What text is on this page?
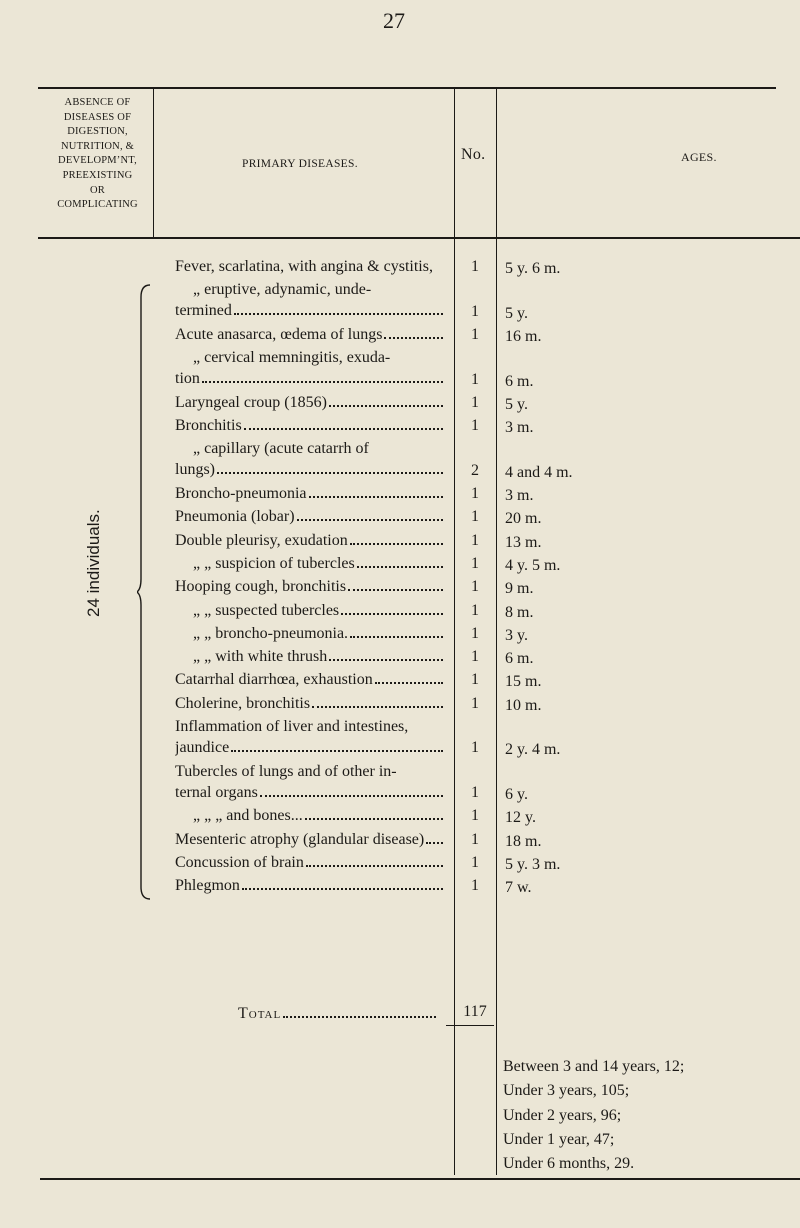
27
ABSENCE OF
DISEASES OF
DIGESTION,
NUTRITION, &
DEVELOPM’NT,
PREEXISTING
OR
COMPLICATING
PRIMARY DISEASES.
No.	AGES.
24 individuals.
Fever, scarlatina, with angina & cystitis,	1	5 y. 6 m.
„ eruptive, adynamic, unde-
termined	1	5 y.
Acute anasarca, œdema of lungs	1	16 m.
„ cervical memningitis, exuda-
tion	1	6 m.
Laryngeal croup (1856)	1	5 y.
Bronchitis	1	3 m.
„ capillary (acute catarrh of
lungs)	2	4 and 4 m.
Broncho-pneumonia	1	3 m.
Pneumonia (lobar)	1	20 m.
Double pleurisy, exudation	1	13 m.
„ „ suspicion of tubercles	1	4 y. 5 m.
Hooping cough, bronchitis	1	9 m.
„ „ suspected tubercles	1	8 m.
„ „ broncho-pneumonia.	1	3 y.
„ „ with white thrush	1	6 m.
Catarrhal diarrhœa, exhaustion	1	15 m.
Cholerine, bronchitis	1	10 m.
Inflammation of liver and intestines,
jaundice	1	2 y. 4 m.
Tubercles of lungs and of other in-
ternal organs	1	6 y.
„ „ „ and bones...	1	12 y.
Mesenteric atrophy (glandular disease)	1	18 m.
Concussion of brain	1	5 y. 3 m.
Phlegmon	1	7 w.
Total	117
Between 3 and 14 years, 12;
Under 3 years, 105;
Under 2 years, 96;
Under 1 year, 47;
Under 6 months, 29.
